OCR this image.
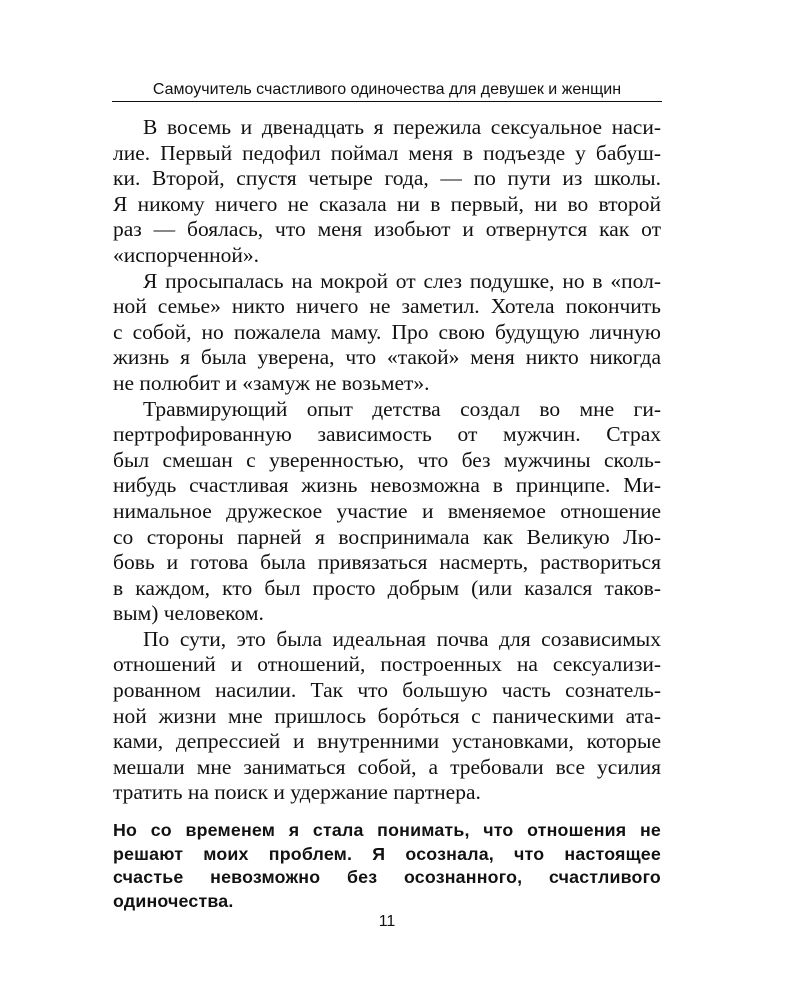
Самоучитель счастливого одиночества для девушек и женщин
В восемь и двенадцать я пережила сексуальное наси-
лие. Первый педофил поймал меня в подъезде у бабуш-
ки. Второй, спустя четыре года, — по пути из школы.
Я никому ничего не сказала ни в первый, ни во второй
раз — боялась, что меня изобьют и отвернутся как от
«испорченной».
Я просыпалась на мокрой от слез подушке, но в «пол-
ной семье» никто ничего не заметил. Хотела покончить
с собой, но пожалела маму. Про свою будущую личную
жизнь я была уверена, что «такой» меня никто никогда
не полюбит и «замуж не возьмет».
Травмирующий опыт детства создал во мне ги-
пертрофированную зависимость от мужчин. Страх
был смешан с уверенностью, что без мужчины сколь-
нибудь счастливая жизнь невозможна в принципе. Ми-
нимальное дружеское участие и вменяемое отношение
со стороны парней я воспринимала как Великую Лю-
бовь и готова была привязаться насмерть, раствориться
в каждом, кто был просто добрым (или казался таков-
вым) человеком.
По сути, это была идеальная почва для созависимых
отношений и отношений, построенных на сексуализи-
рованном насилии. Так что большую часть сознатель-
ной жизни мне пришлось бoрóться с паническими ата-
ками, депрессией и внутренними установками, которые
мешали мне заниматься собой, а требовали все усилия
тратить на поиск и удержание партнера.
Но со временем я стала понимать, что отношения не
решают моих проблем. Я осознала, что настоящее
счастье невозможно без осознанного, счастливого
одиночества.
11
